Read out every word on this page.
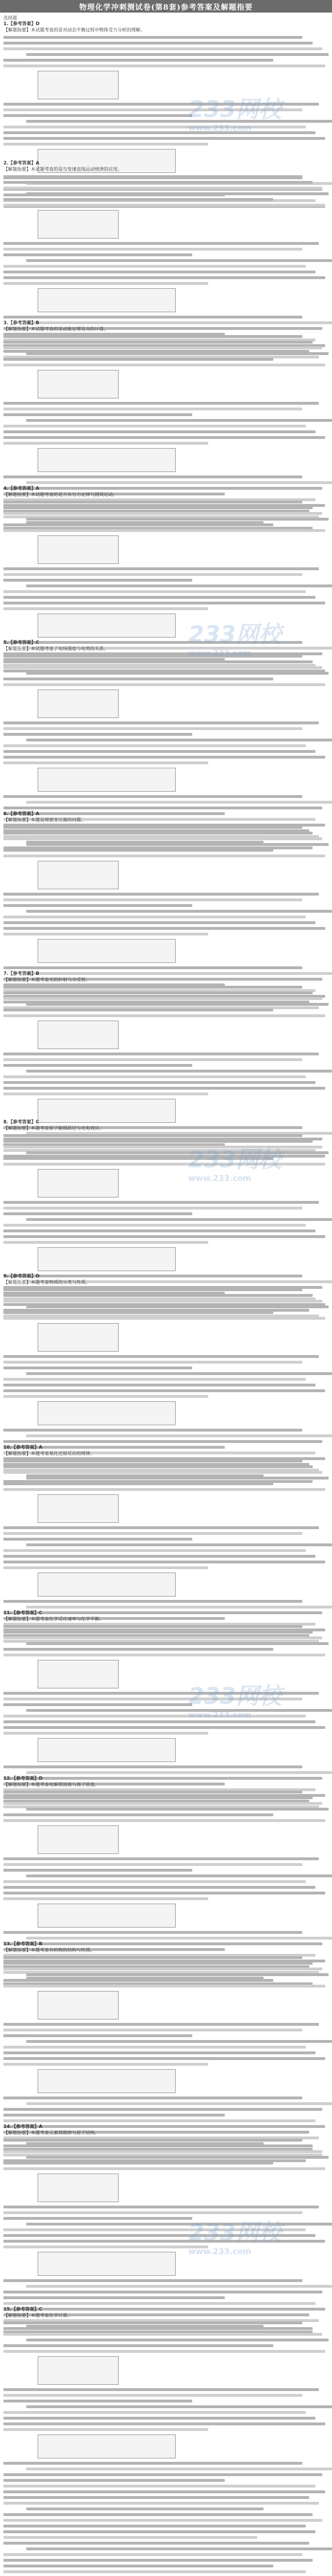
物理化学冲刺测试卷(第8套)参考答案及解题指要
选择题
1.【参考答案】D
【解题指要】本试题考查的是对动态平衡过程中物体受力分析的理解。
2.【参考答案】A
【解题指要】本试题考查的是匀变速直线运动规律的应用。
3.【参考答案】B
【解题指要】本试题考查的是动能定理及功的计算。
4.【参考答案】A
【解题指要】本试题考查的是万有引力定律与圆周运动。
5.【参考答案】C
【解题指要】本试题考查了电场强度与电势的关系。
6.【参考答案】A
【解题指要】本题是理想变压器的问题。
7.【参考答案】B
【解题指要】本题考查光的折射与全反射。
8.【参考答案】C
【解题指要】本题考查原子能级跃迁与光电效应。
9.【参考答案】D
【解题指要】本题考查物质的分类与性质。
10.【参考答案】A
【解题指要】本题考查氧化还原反应的规律。
11.【参考答案】C
【解题指要】本题考查化学反应速率与化学平衡。
12.【参考答案】D
【解题指要】本题考查电解质溶液与离子浓度。
13.【参考答案】B
【解题指要】本题考查有机物的结构与性质。
14.【参考答案】A
【解题指要】本题考查元素周期律与原子结构。
15.【参考答案】C
【解题指要】本题考查化学计算。
233网校
www.233.com
233网校
www.233.com
233网校
www.233.com
233网校
www.233.com
233网校
www.233.com
